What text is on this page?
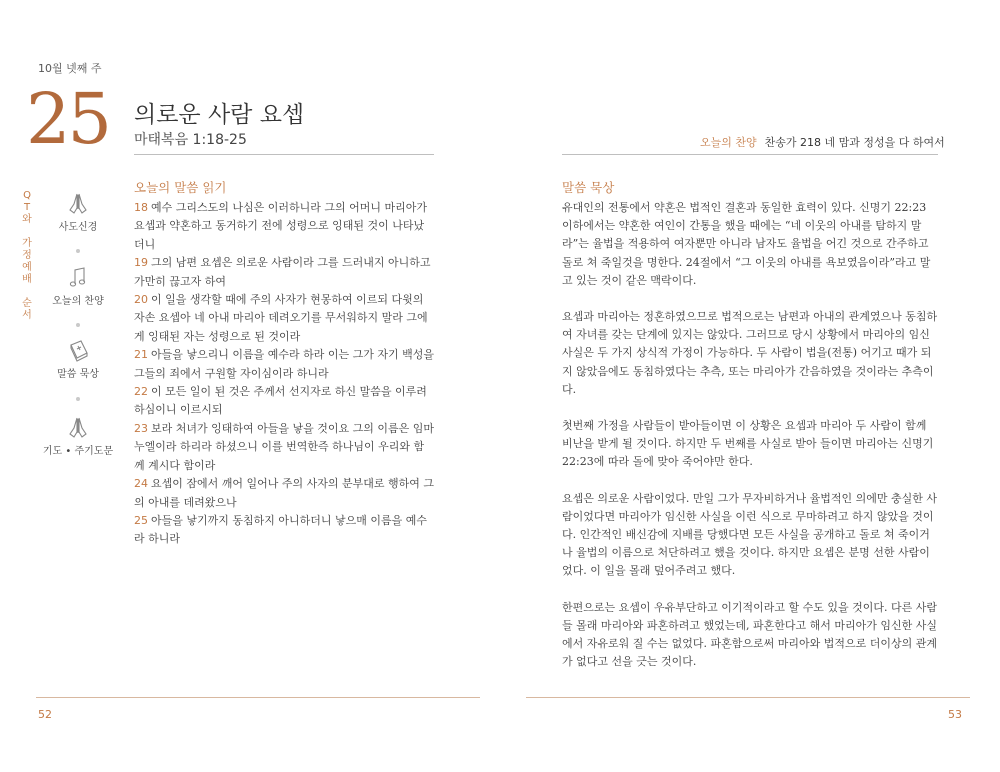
10월 넷째 주
25 의로운 사람 요셉
마태복음 1:18-25	오늘의 찬양 찬송가 218 네 맘과 정성을 다 하여서
Q
T
와
가
정
예
배
순
서
사도신경
오늘의 찬양
말씀 묵상
기도 • 주기도문
오늘의 말씀 읽기
18 예수 그리스도의 나심은 이러하니라 그의 어머니 마리아가 요셉과 약혼하고 동거하기 전에 성령으로 잉태된 것이 나타났더니
19 그의 남편 요셉은 의로운 사람이라 그를 드러내지 아니하고 가만히 끊고자 하여
20 이 일을 생각할 때에 주의 사자가 현몽하여 이르되 다윗의 자손 요셉아 네 아내 마리아 데려오기를 무서워하지 말라 그에게 잉태된 자는 성령으로 된 것이라
21 아들을 낳으리니 이름을 예수라 하라 이는 그가 자기 백성을 그들의 죄에서 구원할 자이심이라 하니라
22 이 모든 일이 된 것은 주께서 선지자로 하신 말씀을 이루려 하심이니 이르시되
23 보라 처녀가 잉태하여 아들을 낳을 것이요 그의 이름은 임마누엘이라 하리라 하셨으니 이를 번역한즉 하나님이 우리와 함께 계시다 함이라
24 요셉이 잠에서 깨어 일어나 주의 사자의 분부대로 행하여 그의 아내를 데려왔으나
25 아들을 낳기까지 동침하지 아니하더니 낳으매 이름을 예수라 하니라
말씀 묵상

유대인의 전통에서 약혼은 법적인 결혼과 동일한 효력이 있다. 신명기 22:23 이하에서는 약혼한 여인이 간통을 했을 때에는 “네 이웃의 아내를 탐하지 말라”는 율법을 적용하여 여자뿐만 아니라 남자도 율법을 어긴 것으로 간주하고 돌로 쳐 죽일것을 명한다. 24절에서 “그 이웃의 아내를 욕보였음이라”라고 말고 있는 것이 같은 맥락이다.

요셉과 마리아는 정혼하였으므로 법적으로는 남편과 아내의 관계였으나 동침하여 자녀를 갖는 단계에 있지는 않았다. 그러므로 당시 상황에서 마리아의 임신 사실은 두 가지 상식적 가정이 가능하다. 두 사람이 법을(전통) 어기고 때가 되지 않았음에도 동침하였다는 추측, 또는 마리아가 간음하였을 것이라는 추측이다.

첫번째 가정을 사람들이 받아들이면 이 상황은 요셉과 마리아 두 사람이 함께 비난을 받게 될 것이다. 하지만 두 번째를 사실로 받아 들이면 마리아는 신명기 22:23에 따라 돌에 맞아 죽어야만 한다.

요셉은 의로운 사람이었다. 만일 그가 무자비하거나 율법적인 의에만 충실한 사람이었다면 마리아가 임신한 사실을 이런 식으로 무마하려고 하지 않았을 것이다. 인간적인 배신감에 지배를 당했다면 모든 사실을 공개하고 돌로 쳐 죽이거나 율법의 이름으로 처단하려고 했을 것이다. 하지만 요셉은 분명 선한 사람이었다. 이 일을 몰래 덮어주려고 했다.

한편으로는 요셉이 우유부단하고 이기적이라고 할 수도 있을 것이다. 다른 사람들 몰래 마리아와 파혼하려고 했었는데, 파혼한다고 해서 마리아가 임신한 사실에서 자유로워 질 수는 없었다. 파혼함으로써 마리아와 법적으로 더이상의 관계가 없다고 선을 긋는 것이다.

52	53
